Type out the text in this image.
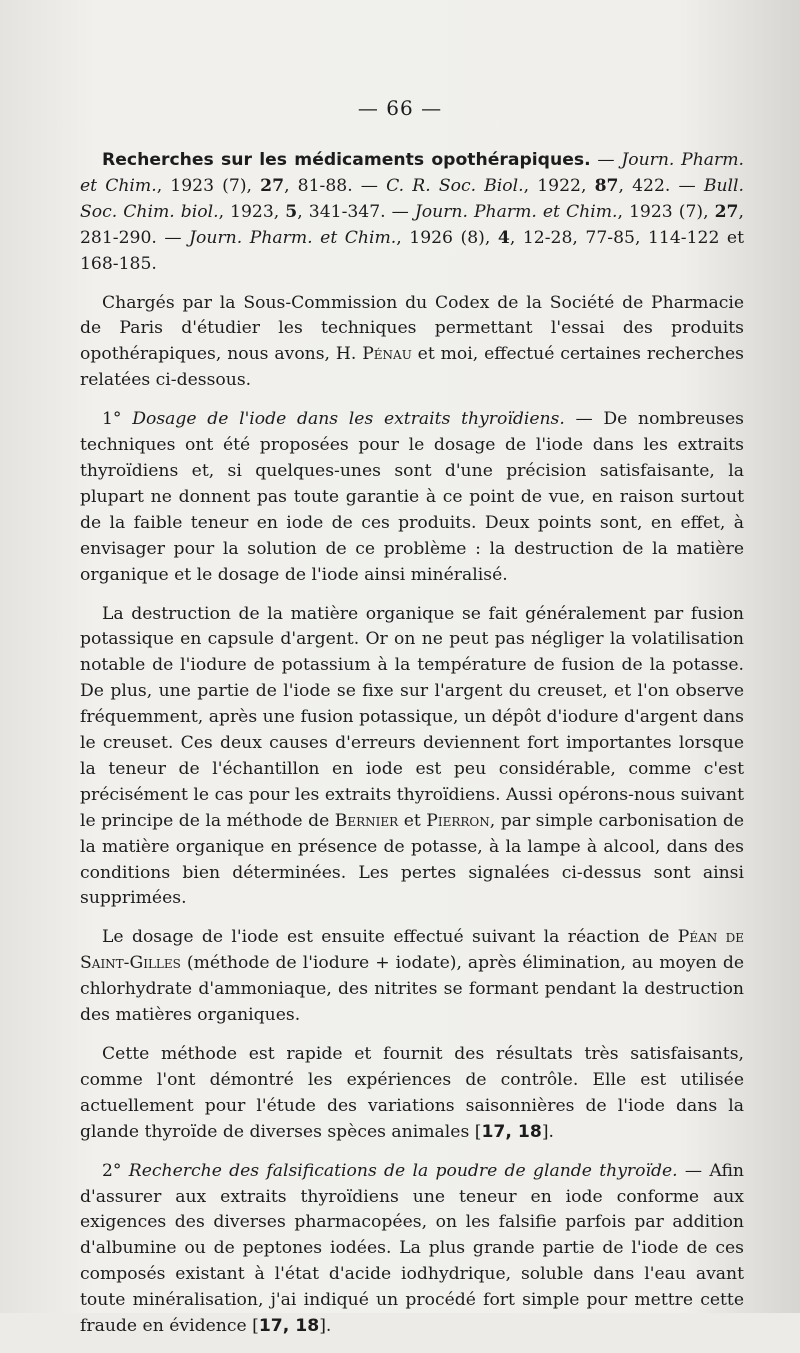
— 66 —

Recherches sur les médicaments opothérapiques. — Journ. Pharm. et Chim., 1923 (7), 27, 81-88. — C. R. Soc. Biol., 1922, 87, 422. — Bull. Soc. Chim. biol., 1923, 5, 341-347. — Journ. Pharm. et Chim., 1923 (7), 27, 281-290. — Journ. Pharm. et Chim., 1926 (8), 4, 12-28, 77-85, 114-122 et 168-185.

Chargés par la Sous-Commission du Codex de la Société de Pharmacie de Paris d'étudier les techniques permettant l'essai des produits opothérapiques, nous avons, H. Pénau et moi, effectué certaines recherches relatées ci-dessous.

1° Dosage de l'iode dans les extraits thyroïdiens. — De nombreuses techniques ont été proposées pour le dosage de l'iode dans les extraits thyroïdiens et, si quelques-unes sont d'une précision satisfaisante, la plupart ne donnent pas toute garantie à ce point de vue, en raison surtout de la faible teneur en iode de ces produits. Deux points sont, en effet, à envisager pour la solution de ce problème : la destruction de la matière organique et le dosage de l'iode ainsi minéralisé.

La destruction de la matière organique se fait généralement par fusion potassique en capsule d'argent. Or on ne peut pas négliger la volatilisation notable de l'iodure de potassium à la température de fusion de la potasse. De plus, une partie de l'iode se fixe sur l'argent du creuset, et l'on observe fréquemment, après une fusion potassique, un dépôt d'iodure d'argent dans le creuset. Ces deux causes d'erreurs deviennent fort importantes lorsque la teneur de l'échantillon en iode est peu considérable, comme c'est précisément le cas pour les extraits thyroïdiens. Aussi opérons-nous suivant le principe de la méthode de Bernier et Pierron, par simple carbonisation de la matière organique en présence de potasse, à la lampe à alcool, dans des conditions bien déterminées. Les pertes signalées ci-dessus sont ainsi supprimées.

Le dosage de l'iode est ensuite effectué suivant la réaction de Péan de Saint-Gilles (méthode de l'iodure + iodate), après élimination, au moyen de chlorhydrate d'ammoniaque, des nitrites se formant pendant la destruction des matières organiques.

Cette méthode est rapide et fournit des résultats très satisfaisants, comme l'ont démontré les expériences de contrôle. Elle est utilisée actuellement pour l'étude des variations saisonnières de l'iode dans la glande thyroïde de diverses spèces animales [17, 18].

2° Recherche des falsifications de la poudre de glande thyroïde. — Afin d'assurer aux extraits thyroïdiens une teneur en iode conforme aux exigences des diverses pharmacopées, on les falsifie parfois par addition d'albumine ou de peptones iodées. La plus grande partie de l'iode de ces composés existant à l'état d'acide iodhydrique, soluble dans l'eau avant toute minéralisation, j'ai indiqué un procédé fort simple pour mettre cette fraude en évidence [17, 18].
